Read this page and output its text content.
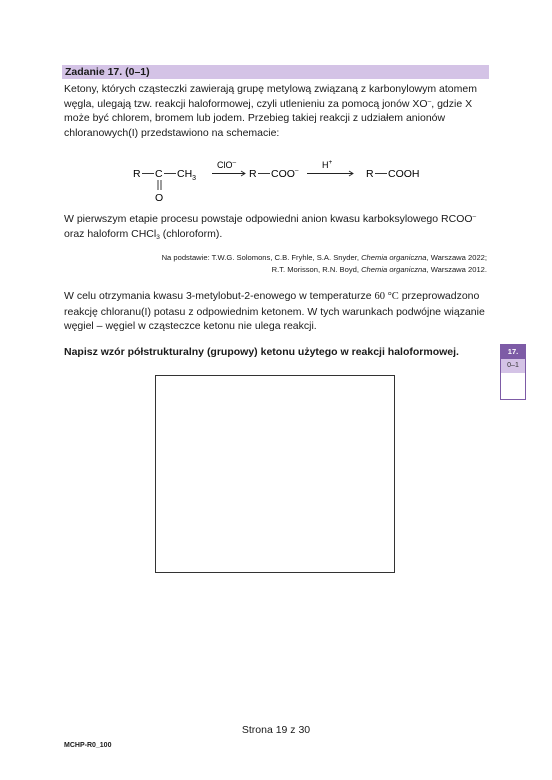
Zadanie 17. (0–1)
Ketony, których cząsteczki zawierają grupę metylową związaną z karbonylowym atomem węgla, ulegają tzw. reakcji haloformowej, czyli utlenieniu za pomocą jonów XO–, gdzie X może być chlorem, bromem lub jodem. Przebieg takiej reakcji z udziałem anionów chloranowych(I) przedstawiono na schemacie:
R C $CH_3$
O
ClO–
R COO–
H+
R COOH
W pierwszym etapie procesu powstaje odpowiedni anion kwasu karboksylowego RCOO–
oraz haloform CHCl$_3$ (chloroform).
Na podstawie: T.W.G. Solomons, C.B. Fryhle, S.A. Snyder, Chemia organiczna, Warszawa 2022;
R.T. Morisson, R.N. Boyd, Chemia organiczna, Warszawa 2012.
W celu otrzymania kwasu 3-metylobut-2-enowego w temperaturze 60 °C przeprowadzono reakcję chloranu(I) potasu z odpowiednim ketonem. W tych warunkach podwójne wiązanie węgiel – węgiel w cząsteczce ketonu nie ulega reakcji.
Napisz wzór półstrukturalny (grupowy) ketonu użytego w reakcji haloformowej.	17.
0–1
Strona 19 z 30
MCHP-R0_100
